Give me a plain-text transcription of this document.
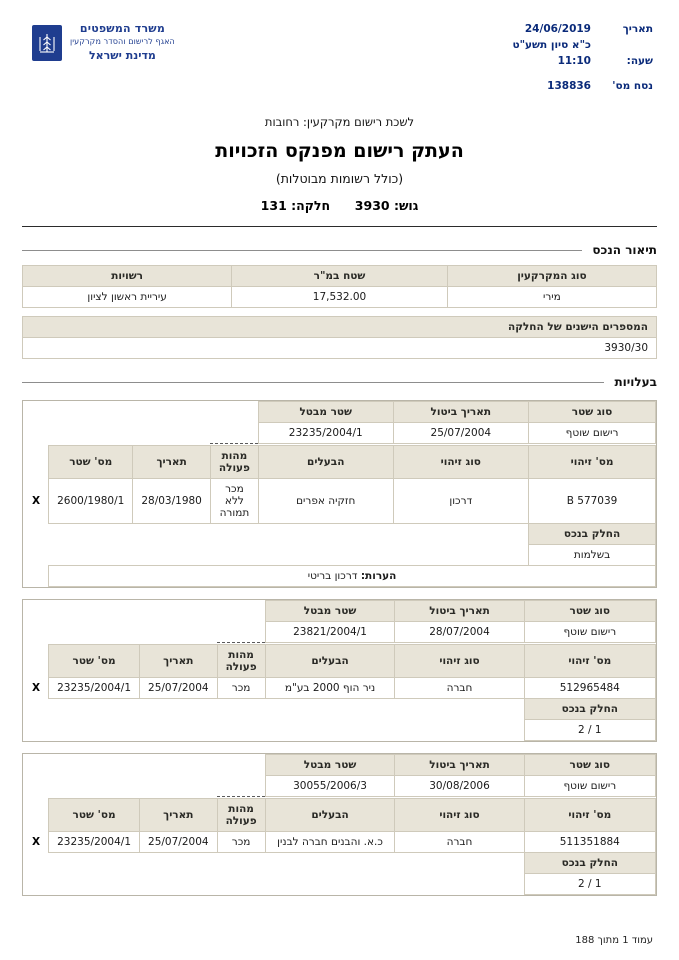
משרד המשפטים
האגף לרישום והסדר מקרקעין
מדינת ישראל
תאריך
24/06/2019
כ"א סיון תשע"ט
שעה:
11:10
נסח מס'
138836
לשכת רישום מקרקעין: רחובות
העתק רישום מפנקס הזכויות
(כולל רשומות מבוטלות)
גוש: 3930  חלקה: 131
תיאור הנכס
סוג המקרקעין	שטח במ"ר	רשויות
מירי	17,532.00	עיריית ראשון לציון
המספרים הישנים של החלקה
3930/30
בעלויות
סוג שטר	תאריך ביטול	שטר מבטל				
רישום שוטף	25/07/2004	23235/2004/1				

מס' זיהוי	סוג זיהוי	הבעלים	מהות פעולה	תאריך	מס' שטר	
B 577039	דרכון	חזקיה אפרים	מכר ללא תמורה	28/03/1980	2600/1980/1	X
החלק בנכס						
בשלמות						
הערות: דרכון בריטי						
סוג שטר	תאריך ביטול	שטר מבטל				
רישום שוטף	28/07/2004	23821/2004/1				

מס' זיהוי	סוג זיהוי	הבעלים	מהות פעולה	תאריך	מס' שטר	
512965484	חברה	ניר הוף 2000 בע"מ	מכר	25/07/2004	23235/2004/1	X
החלק בנכס						
1 / 2						
סוג שטר	תאריך ביטול	שטר מבטל				
רישום שוטף	30/08/2006	30055/2006/3				

מס' זיהוי	סוג זיהוי	הבעלים	מהות פעולה	תאריך	מס' שטר	
511351884	חברה	כ.א. והבנים חברה לבנין	מכר	25/07/2004	23235/2004/1	X
החלק בנכס						
1 / 2						
עמוד 1 מתוך 188
